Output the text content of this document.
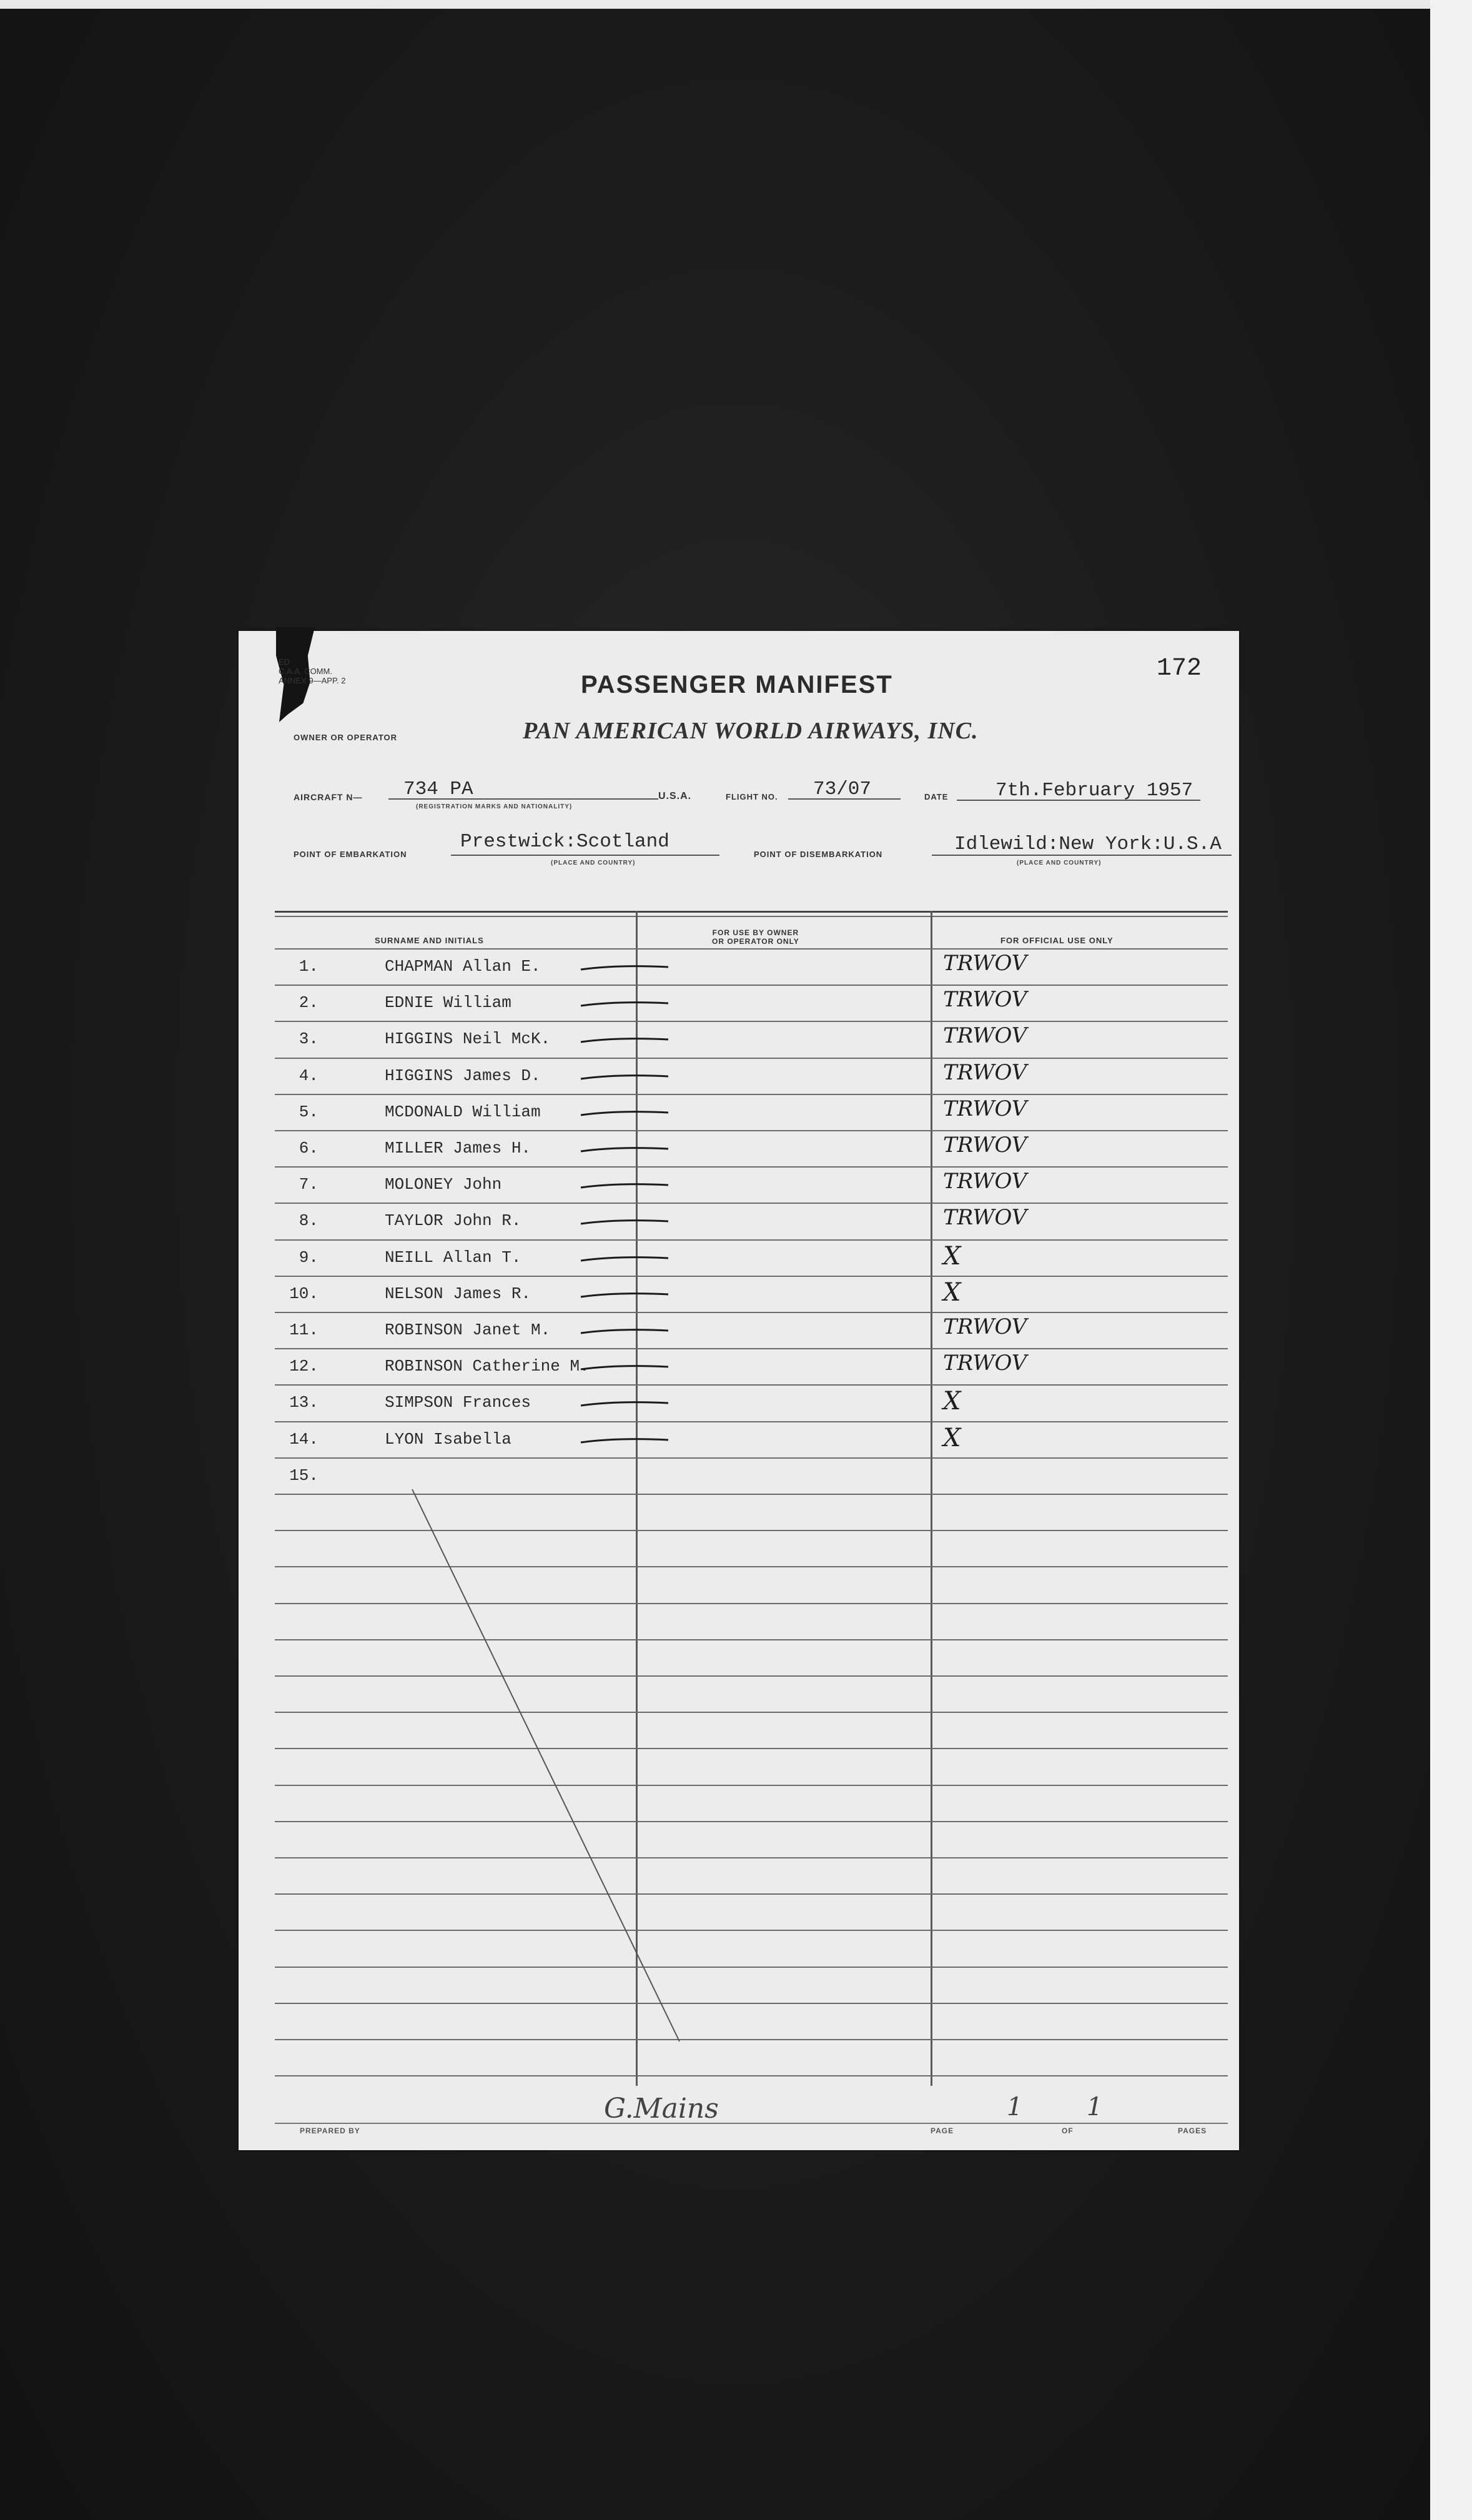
ED
C.A.A. COMM.
ANNEX 9—APP. 2	PASSENGER MANIFEST
172
OWNER OR OPERATOR	PAN AMERICAN WORLD AIRWAYS, INC.
AIRCRAFT N— 734 PA
(REGISTRATION MARKS AND NATIONALITY)
U.S.A.	FLIGHT NO. 73/07	DATE 7th.February 1957
POINT OF EMBARKATION
Prestwick:Scotland
(PLACE AND COUNTRY)
POINT OF DISEMBARKATION	Idlewild:New York:U.S.A
(PLACE AND COUNTRY)
SURNAME AND INITIALS
FOR USE BY OWNER
OR OPERATOR ONLY	FOR OFFICIAL USE ONLY
1.	CHAPMAN Allan E.	TRWOV
2.	EDNIE William	TRWOV
3.	HIGGINS Neil McK.	TRWOV
4.	HIGGINS James D.	TRWOV
5.	MCDONALD William	TRWOV
6.	MILLER James H.	TRWOV
7.	MOLONEY John	TRWOV
8.	TAYLOR John R.	TRWOV
9.	NEILL Allan T.	X
10.	NELSON James R.	X
11.	ROBINSON Janet M.	TRWOV
12.	ROBINSON Catherine M.	TRWOV
13.	SIMPSON Frances	X
14.	LYON Isabella	X
15.
PREPARED BY
G.Mains
PAGE
1
OF
1
PAGES
